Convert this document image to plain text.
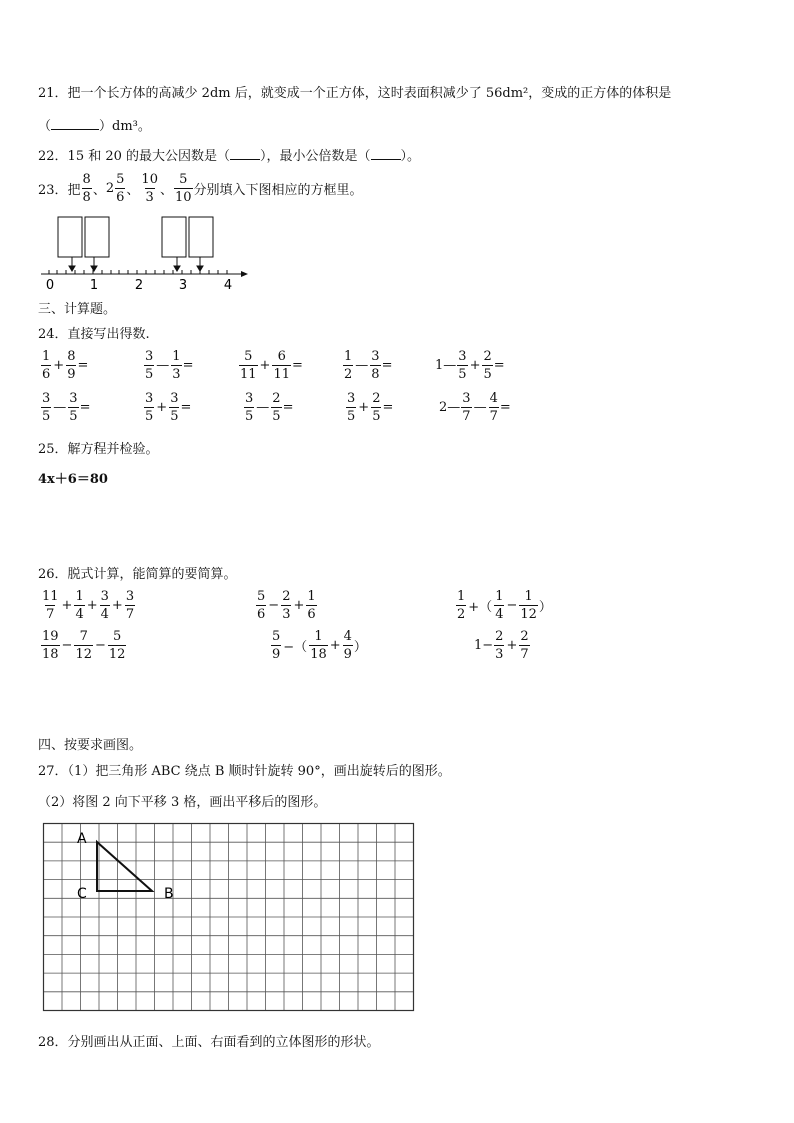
21．把一个长方体的高减少 2dm 后，就变成一个正方体，这时表面积减少了 56dm²，变成的正方体的体积是
（	）dm³。
22．15 和 20 的最大公因数是（ ），最小公倍数是（ ）。
23．把 $\frac{8}{8}$ 、 $2 \frac{5}{6}$ 、 $\frac{10}{3}$ 、 $\frac{5}{10}$ 分别填入下图相应的方框里。
0	1	2	3	4
三、计算题。
24．直接写出得数.
$\frac{1}{6} + \frac{8}{9}$ =	$\frac{3}{5}$ — $\frac{1}{3}$ =	$\frac{5}{11} + \frac{6}{11}$ =	$\frac{1}{2}$ — $\frac{3}{8}$ =	1— $\frac{3}{5} + \frac{2}{5}$ =
$\frac{3}{5}$ — $\frac{3}{5}$ =	$\frac{3}{5} + \frac{3}{5}$ =	$\frac{3}{5}$ — $\frac{2}{5}$ =	$\frac{3}{5} + \frac{2}{5}$ =	2— $\frac{3}{7}$ — $\frac{4}{7}$ =
25．解方程并检验。
4x＋6＝80
26．脱式计算，能简算的要简算。
$\frac{11}{7} + \frac{1}{4} + \frac{3}{4} + \frac{3}{7}$	$\frac{5}{6} - \frac{2}{3} + \frac{1}{6}$	$\frac{1}{2}$ +（ $\frac{1}{4} - \frac{1}{12}$ ）
$\frac{19}{18} - \frac{7}{12} - \frac{5}{12}$	$\frac{5}{9}$ −（ $\frac{1}{18} + \frac{4}{9}$ ）	$1- \frac{2}{3} + \frac{2}{7}$
四、按要求画图。
27．（1）把三角形 ABC 绕点 B 顺时针旋转 90°，画出旋转后的图形。
（2）将图 2 向下平移 3 格，画出平移后的图形。
A
C	B
28．分别画出从正面、上面、右面看到的立体图形的形状。
